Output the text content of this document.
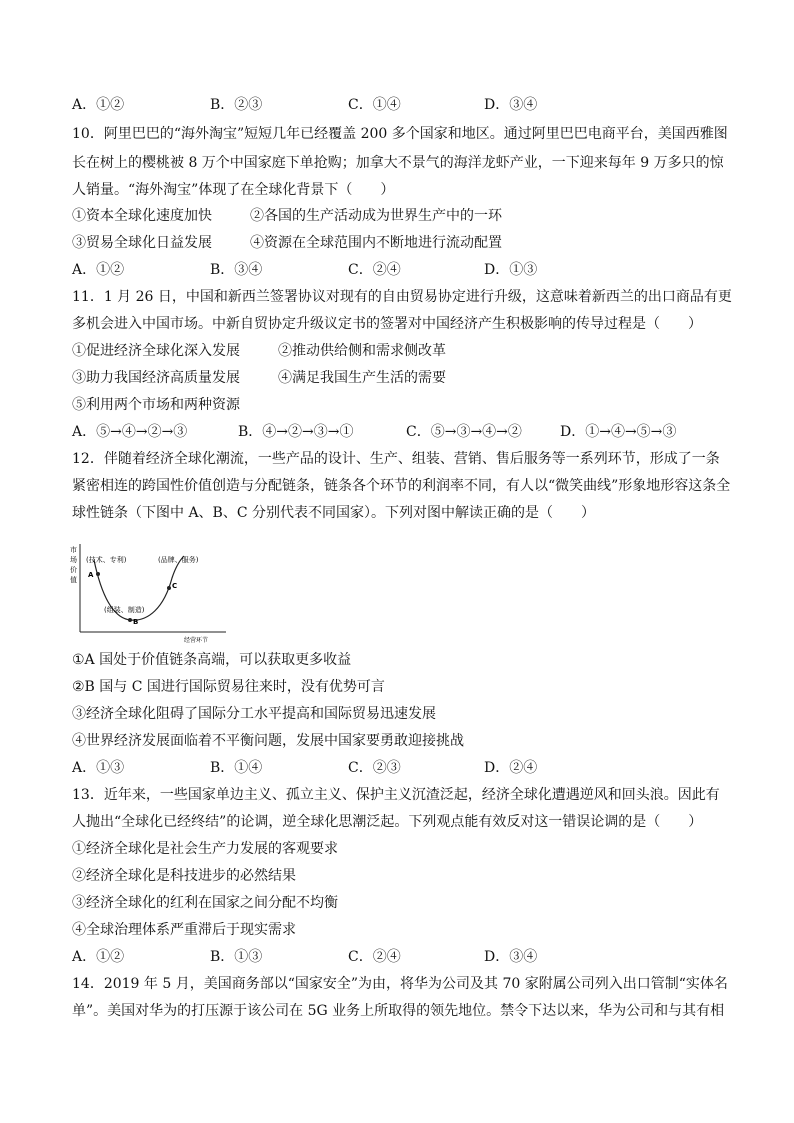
A．①②	B．②③	C．①④	D．③④
10．阿里巴巴的“海外淘宝”短短几年已经覆盖 200 多个国家和地区。通过阿里巴巴电商平台，美国西雅图
长在树上的樱桃被 8 万个中国家庭下单抢购；加拿大不景气的海洋龙虾产业，一下迎来每年 9 万多只的惊
人销量。“海外淘宝”体现了在全球化背景下（　　）
①资本全球化速度加快	②各国的生产活动成为世界生产中的一环
③贸易全球化日益发展	④资源在全球范围内不断地进行流动配置
A．①②	B．③④	C．②④	D．①③
11．1 月 26 日，中国和新西兰签署协议对现有的自由贸易协定进行升级，这意味着新西兰的出口商品有更
多机会进入中国市场。中新自贸协定升级议定书的签署对中国经济产生积极影响的传导过程是（　　）
①促进经济全球化深入发展	②推动供给侧和需求侧改革
③助力我国经济高质量发展	④满足我国生产生活的需要
⑤利用两个市场和两种资源
A．⑤→④→②→③	B．④→②→③→①	C．⑤→③→④→②	D．①→④→⑤→③
12．伴随着经济全球化潮流，一些产品的设计、生产、组装、营销、售后服务等一系列环节，形成了一条
紧密相连的跨国性价值创造与分配链条，链条各个环节的利润率不同，有人以“微笑曲线”形象地形容这条全
球性链条（下图中 A、B、C 分别代表不同国家）。下列对图中解读正确的是（　　）
市
场
价
值
A
B
C
(技术、专利)	(品牌、服务)
(组装、制造)
经营环节
①A 国处于价值链条高端，可以获取更多收益
②B 国与 C 国进行国际贸易往来时，没有优势可言
③经济全球化阻碍了国际分工水平提高和国际贸易迅速发展
④世界经济发展面临着不平衡问题，发展中国家要勇敢迎接挑战
A．①③	B．①④	C．②③	D．②④
13．近年来，一些国家单边主义、孤立主义、保护主义沉渣泛起，经济全球化遭遇逆风和回头浪。因此有
人抛出“全球化已经终结”的论调，逆全球化思潮泛起。下列观点能有效反对这一错误论调的是（　　）
①经济全球化是社会生产力发展的客观要求
②经济全球化是科技进步的必然结果
③经济全球化的红利在国家之间分配不均衡
④全球治理体系严重滞后于现实需求
A．①②	B．①③	C．②④	D．③④
14．2019 年 5 月，美国商务部以“国家安全”为由，将华为公司及其 70 家附属公司列入出口管制“实体名
单”。美国对华为的打压源于该公司在 5G 业务上所取得的领先地位。禁令下达以来，华为公司和与其有相
